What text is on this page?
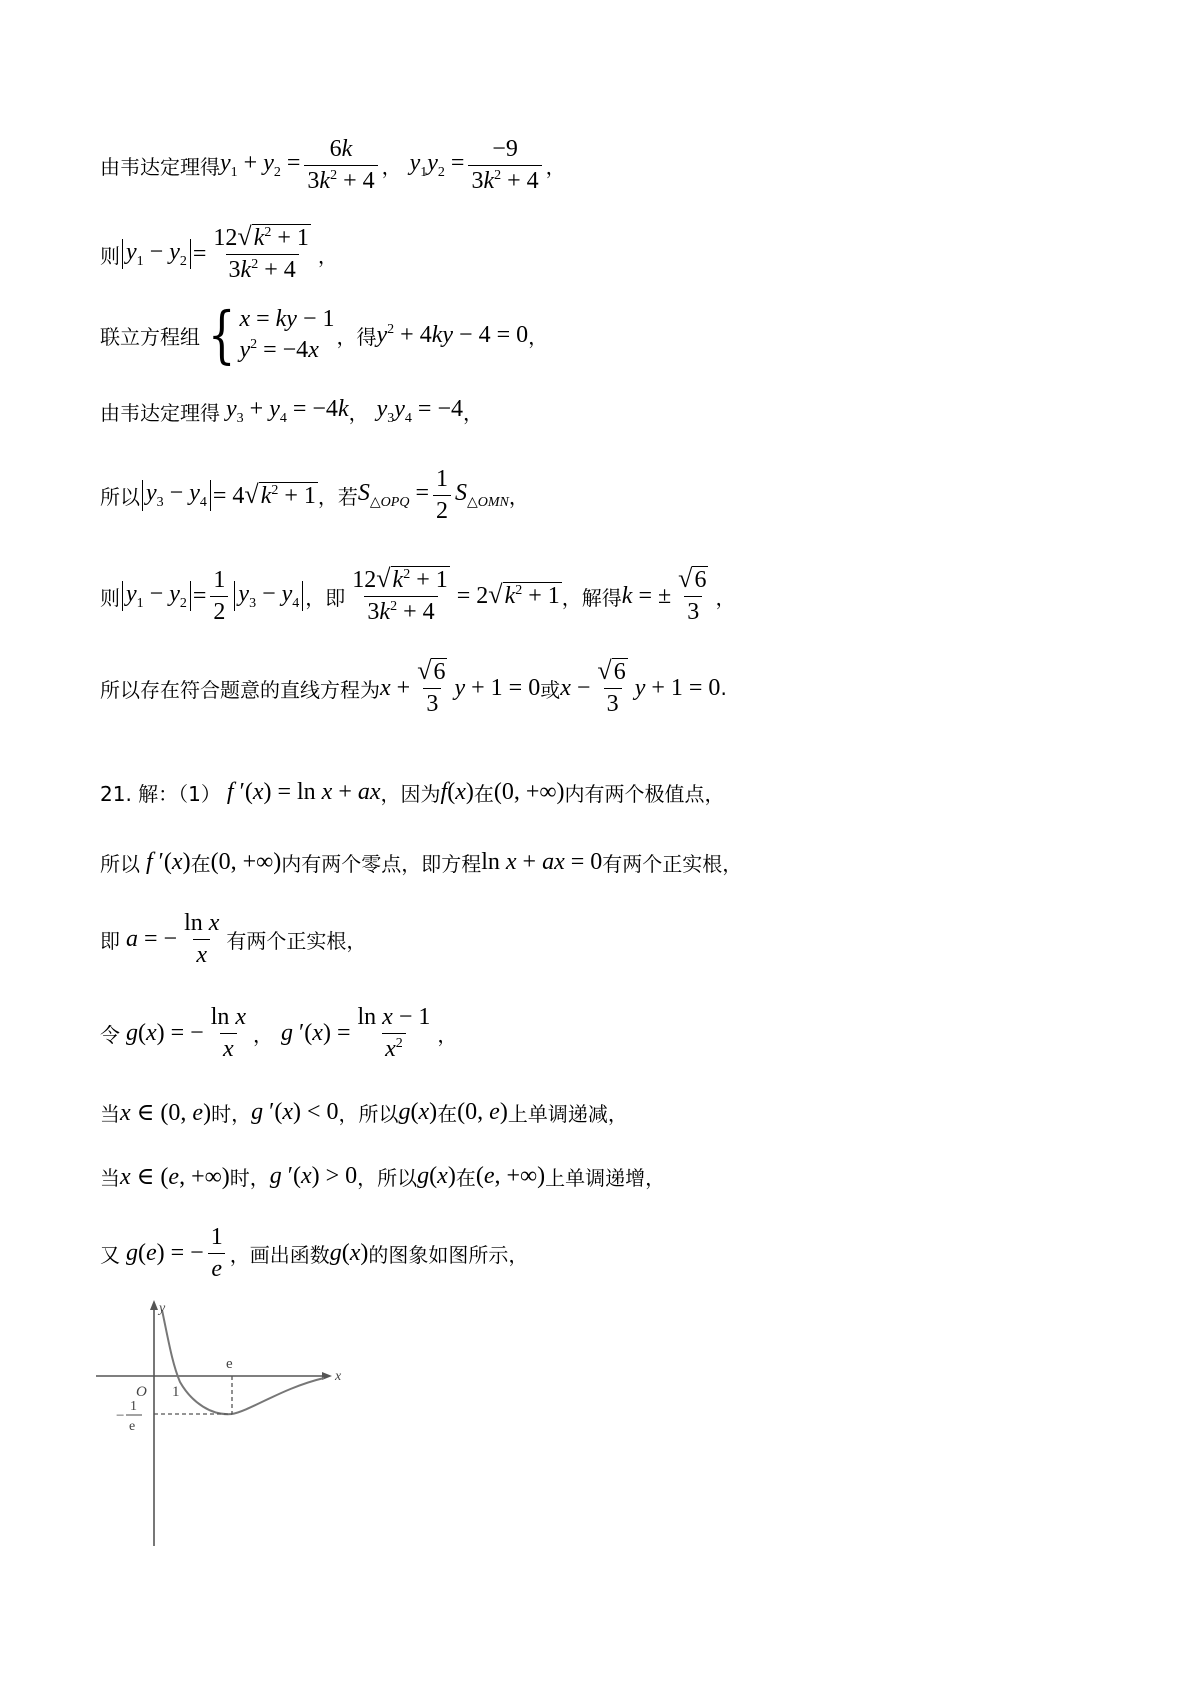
由韦达定理得 $y_1 + y_2 = \frac{6k}{3k^2 + 4}$ ， $y_1y_2 = \frac{-9}{3k^2 + 4}$ ，
则 $y_1 - y_2 = \frac{12 √ k^2 + 1}{3k^2 + 4}$ ，
联立方程组 { x = ky − 1
$y^2 = -4x$
，得 $y^2 + 4ky - 4 = 0$ ，
由韦达定理得 $y_3 + y_4 = -4k$ ， $y_3y_4 = -4$ ，
所以 $y_3 - y_4 = 4$ √ $k^2 + 1$ ，若 $S_{\triangle OPQ} = \frac{1}{2} S_{\triangle OMN}$ ，
则 $y_1 - y_2 = \frac{1}{2} y_3 - y_4$ ，即 $\frac{12 √ k^2 + 1}{3k^2 + 4} = 2$ √ $k^2 + 1$ ，解得 k = ± $\frac{√ 6}{3}$ ，
所以存在符合题意的直线方程为 $x + \frac{√ 6}{3}$ y + 1 = 0 或 $x - \frac{√ 6}{3}$ y + 1 = 0 .
21. 解：（1） f ′(x) = ln x + ax ，因为 f(x) 在 (0, +∞) 内有两个极值点，
所以 f ′(x) 在 (0, +∞) 内有两个零点，即方程 ln x + ax = 0 有两个正实根，
即 a = − $\frac{\text{ln x}}{x}$ 有两个正实根，
令 g(x) = − $\frac{\text{ln x}}{x}$ ， g $'(x) = \frac{\text{ln x − 1}}{x^2}$ ，
当 x ∈ (0, e) 时， g ′(x) < 0 ，所以 g(x) 在 (0, e) 上单调递减，
当 x ∈ (e, +∞) 时， g ′(x) > 0 ，所以 g(x) 在 (e, +∞) 上单调递增，
又 g(e) = − $\frac{1}{e}$ ，画出函数 g(x) 的图象如图所示，
y
x
O 1
e
−
1
e
